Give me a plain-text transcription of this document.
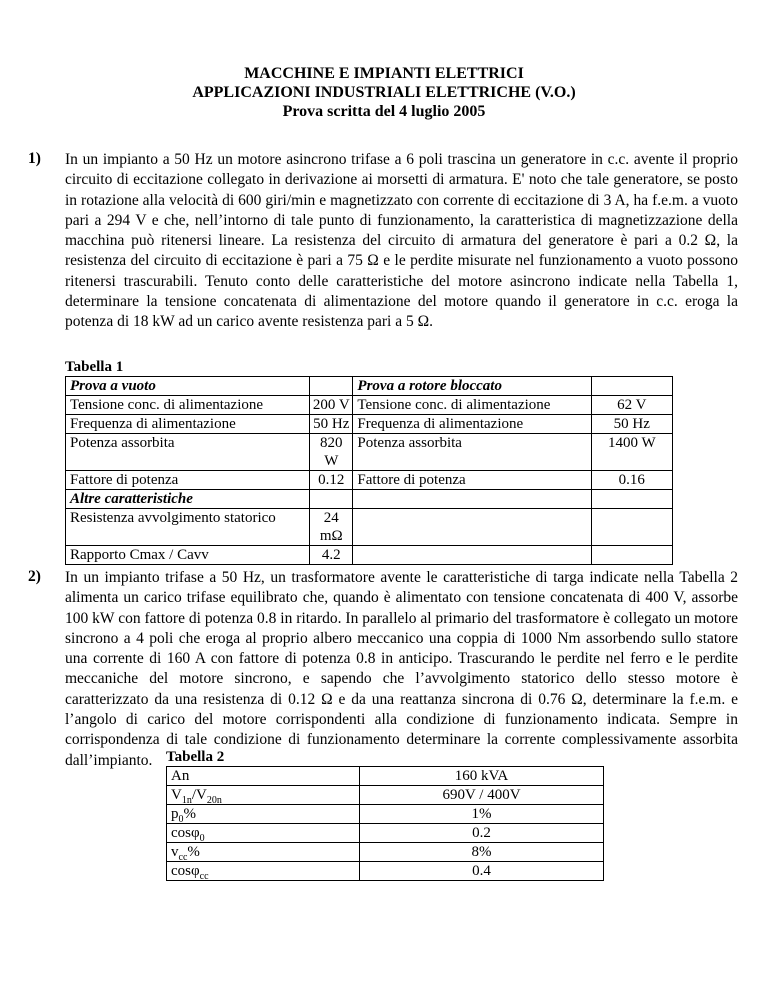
MACCHINE E IMPIANTI ELETTRICI
APPLICAZIONI INDUSTRIALI ELETTRICHE (V.O.)
Prova scritta del 4 luglio 2005
1) In un impianto a 50 Hz un motore asincrono trifase a 6 poli trascina un generatore in c.c. avente il proprio circuito di eccitazione collegato in derivazione ai morsetti di armatura. E' noto che tale generatore, se posto in rotazione alla velocità di 600 giri/min e magnetizzato con corrente di eccitazione di 3 A, ha f.e.m. a vuoto pari a 294 V e che, nell’intorno di tale punto di funzionamento, la caratteristica di magnetizzazione della macchina può ritenersi lineare. La resistenza del circuito di armatura del generatore è pari a 0.2 Ω, la resistenza del circuito di eccitazione è pari a 75 Ω e le perdite misurate nel funzionamento a vuoto possono ritenersi trascurabili. Tenuto conto delle caratteristiche del motore asincrono indicate nella Tabella 1, determinare la tensione concatenata di alimentazione del motore quando il generatore in c.c. eroga la potenza di 18 kW ad un carico avente resistenza pari a 5 Ω.
Tabella 1
Prova a vuoto		Prova a rotore bloccato	
Tensione conc. di alimentazione	200 V	Tensione conc. di alimentazione	62 V
Frequenza di alimentazione	50 Hz	Frequenza di alimentazione	50 Hz
Potenza assorbita	820 W	Potenza assorbita	1400 W
Fattore di potenza	0.12	Fattore di potenza	0.16
Altre caratteristiche			
Resistenza avvolgimento statorico	24 mΩ		
Rapporto Cmax / Cavv	4.2		
2) In un impianto trifase a 50 Hz, un trasformatore avente le caratteristiche di targa indicate nella Tabella 2 alimenta un carico trifase equilibrato che, quando è alimentato con tensione concatenata di 400 V, assorbe 100 kW con fattore di potenza 0.8 in ritardo. In parallelo al primario del trasformatore è collegato un motore sincrono a 4 poli che eroga al proprio albero meccanico una coppia di 1000 Nm assorbendo sullo statore una corrente di 160 A con fattore di potenza 0.8 in anticipo. Trascurando le perdite nel ferro e le perdite meccaniche del motore sincrono, e sapendo che l’avvolgimento statorico dello stesso motore è caratterizzato da una resistenza di 0.12 Ω e da una reattanza sincrona di 0.76 Ω, determinare la f.e.m. e l’angolo di carico del motore corrispondenti alla condizione di funzionamento indicata. Sempre in corrispondenza di tale condizione di funzionamento determinare la corrente complessivamente assorbita dall’impianto. Tabella 2
An	160 kVA
$V_{1n}/V_{20n}$	690V / 400V
$p_0\%$	1%
cosφ$_0$	0.2
$v_{cc}\%$	8%
cosφ$_{cc}$	0.4
